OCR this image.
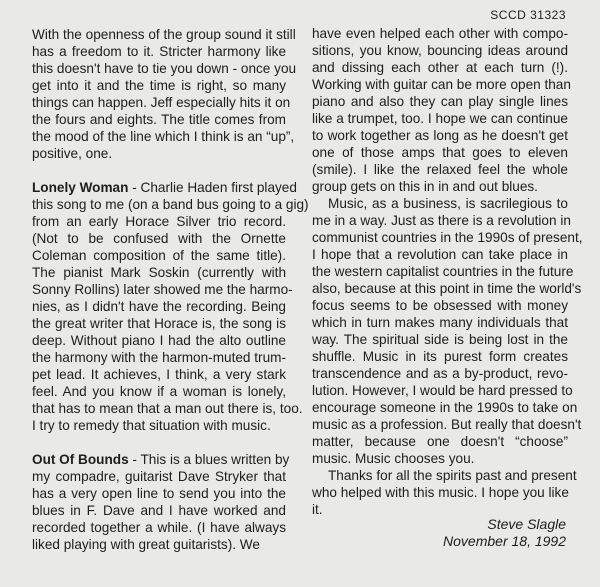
SCCD 31323
With the openness of the group sound it still
has a freedom to it. Stricter harmony like
this doesn't have to tie you down - once you
get into it and the time is right, so many
things can happen. Jeff especially hits it on
the fours and eights. The title comes from
the mood of the line which I think is an “up”,
positive, one.
Lonely Woman - Charlie Haden first played
this song to me (on a band bus going to a gig)
from an early Horace Silver trio record.
(Not to be confused with the Ornette
Coleman composition of the same title).
The pianist Mark Soskin (currently with
Sonny Rollins) later showed me the harmo-
nies, as I didn't have the recording. Being
the great writer that Horace is, the song is
deep. Without piano I had the alto outline
the harmony with the harmon-muted trum-
pet lead. It achieves, I think, a very stark
feel. And you know if a woman is lonely,
that has to mean that a man out there is, too.
I try to remedy that situation with music.
Out Of Bounds - This is a blues written by
my compadre, guitarist Dave Stryker that
has a very open line to send you into the
blues in F. Dave and I have worked and
recorded together a while. (I have always
liked playing with great guitarists). We
have even helped each other with compo-
sitions, you know, bouncing ideas around
and dissing each other at each turn (!).
Working with guitar can be more open than
piano and also they can play single lines
like a trumpet, too. I hope we can continue
to work together as long as he doesn't get
one of those amps that goes to eleven
(smile). I like the relaxed feel the whole
group gets on this in in and out blues.
Music, as a business, is sacrilegious to
me in a way. Just as there is a revolution in
communist countries in the 1990s of present,
I hope that a revolution can take place in
the western capitalist countries in the future
also, because at this point in time the world's
focus seems to be obsessed with money
which in turn makes many individuals that
way. The spiritual side is being lost in the
shuffle. Music in its purest form creates
transcendence and as a by-product, revo-
lution. However, I would be hard pressed to
encourage someone in the 1990s to take on
music as a profession. But really that doesn't
matter, because one doesn't “choose”
music. Music chooses you.
Thanks for all the spirits past and present
who helped with this music. I hope you like
it.
Steve Slagle
November 18, 1992
